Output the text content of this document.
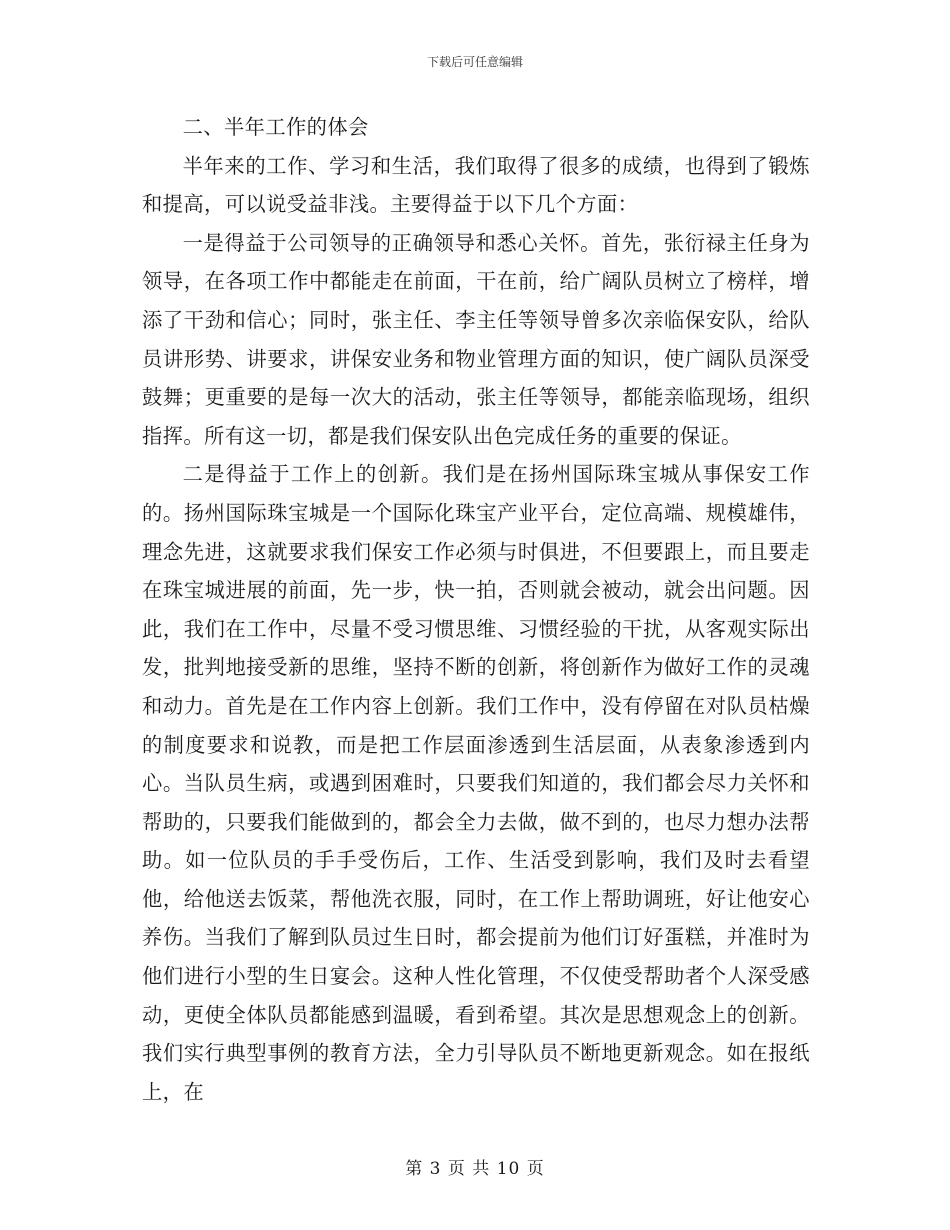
下载后可任意编辑

二、半年工作的体会

半年来的工作、学习和生活，我们取得了很多的成绩，也得到了锻炼和提高，可以说受益非浅。主要得益于以下几个方面：

一是得益于公司领导的正确领导和悉心关怀。首先，张衍禄主任身为领导，在各项工作中都能走在前面，干在前，给广阔队员树立了榜样，增添了干劲和信心；同时，张主任、李主任等领导曾多次亲临保安队，给队员讲形势、讲要求，讲保安业务和物业管理方面的知识，使广阔队员深受鼓舞；更重要的是每一次大的活动，张主任等领导，都能亲临现场，组织指挥。所有这一切，都是我们保安队出色完成任务的重要的保证。

二是得益于工作上的创新。我们是在扬州国际珠宝城从事保安工作的。扬州国际珠宝城是一个国际化珠宝产业平台，定位高端、规模雄伟，理念先进，这就要求我们保安工作必须与时俱进，不但要跟上，而且要走在珠宝城进展的前面，先一步，快一拍，否则就会被动，就会出问题。因此，我们在工作中，尽量不受习惯思维、习惯经验的干扰，从客观实际出发，批判地接受新的思维，坚持不断的创新，将创新作为做好工作的灵魂和动力。首先是在工作内容上创新。我们工作中，没有停留在对队员枯燥的制度要求和说教，而是把工作层面渗透到生活层面，从表象渗透到内心。当队员生病，或遇到困难时，只要我们知道的，我们都会尽力关怀和帮助的，只要我们能做到的，都会全力去做，做不到的，也尽力想办法帮助。如一位队员的手手受伤后，工作、生活受到影响，我们及时去看望他，给他送去饭菜，帮他洗衣服，同时，在工作上帮助调班，好让他安心养伤。当我们了解到队员过生日时，都会提前为他们订好蛋糕，并准时为他们进行小型的生日宴会。这种人性化管理，不仅使受帮助者个人深受感动，更使全体队员都能感到温暖，看到希望。其次是思想观念上的创新。我们实行典型事例的教育方法，全力引导队员不断地更新观念。如在报纸上，在

第 3 页 共 10 页
